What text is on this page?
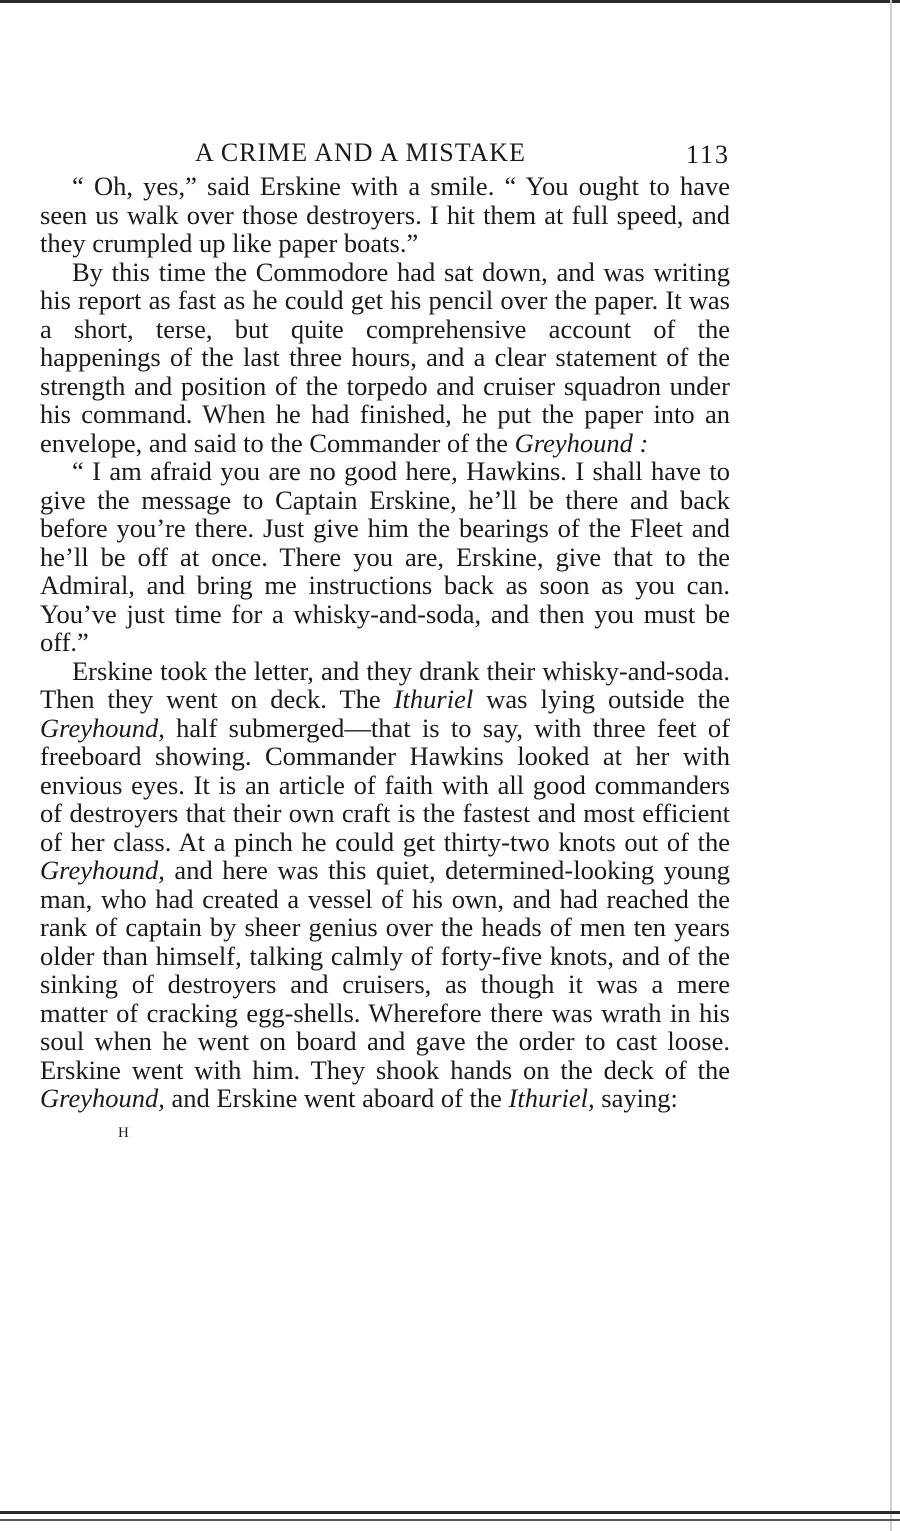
A CRIME AND A MISTAKE	113

“ Oh, yes,” said Erskine with a smile. “ You ought to have seen us walk over those destroyers. I hit them at full speed, and they crumpled up like paper boats.”

By this time the Commodore had sat down, and was writing his report as fast as he could get his pencil over the paper. It was a short, terse, but quite comprehensive account of the happenings of the last three hours, and a clear statement of the strength and position of the torpedo and cruiser squadron under his command. When he had finished, he put the paper into an envelope, and said to the Commander of the Greyhound :

“ I am afraid you are no good here, Hawkins. I shall have to give the message to Captain Erskine, he’ll be there and back before you’re there. Just give him the bearings of the Fleet and he’ll be off at once. There you are, Erskine, give that to the Admiral, and bring me instructions back as soon as you can. You’ve just time for a whisky-and-soda, and then you must be off.”

Erskine took the letter, and they drank their whisky-and-soda. Then they went on deck. The Ithuriel was lying outside the Greyhound, half submerged—that is to say, with three feet of freeboard showing. Commander Hawkins looked at her with envious eyes. It is an article of faith with all good commanders of destroyers that their own craft is the fastest and most efficient of her class. At a pinch he could get thirty-two knots out of the Greyhound, and here was this quiet, determined-looking young man, who had created a vessel of his own, and had reached the rank of captain by sheer genius over the heads of men ten years older than himself, talking calmly of forty-five knots, and of the sinking of destroyers and cruisers, as though it was a mere matter of cracking egg-shells. Wherefore there was wrath in his soul when he went on board and gave the order to cast loose. Erskine went with him. They shook hands on the deck of the Greyhound, and Erskine went aboard of the Ithuriel, saying:

H
